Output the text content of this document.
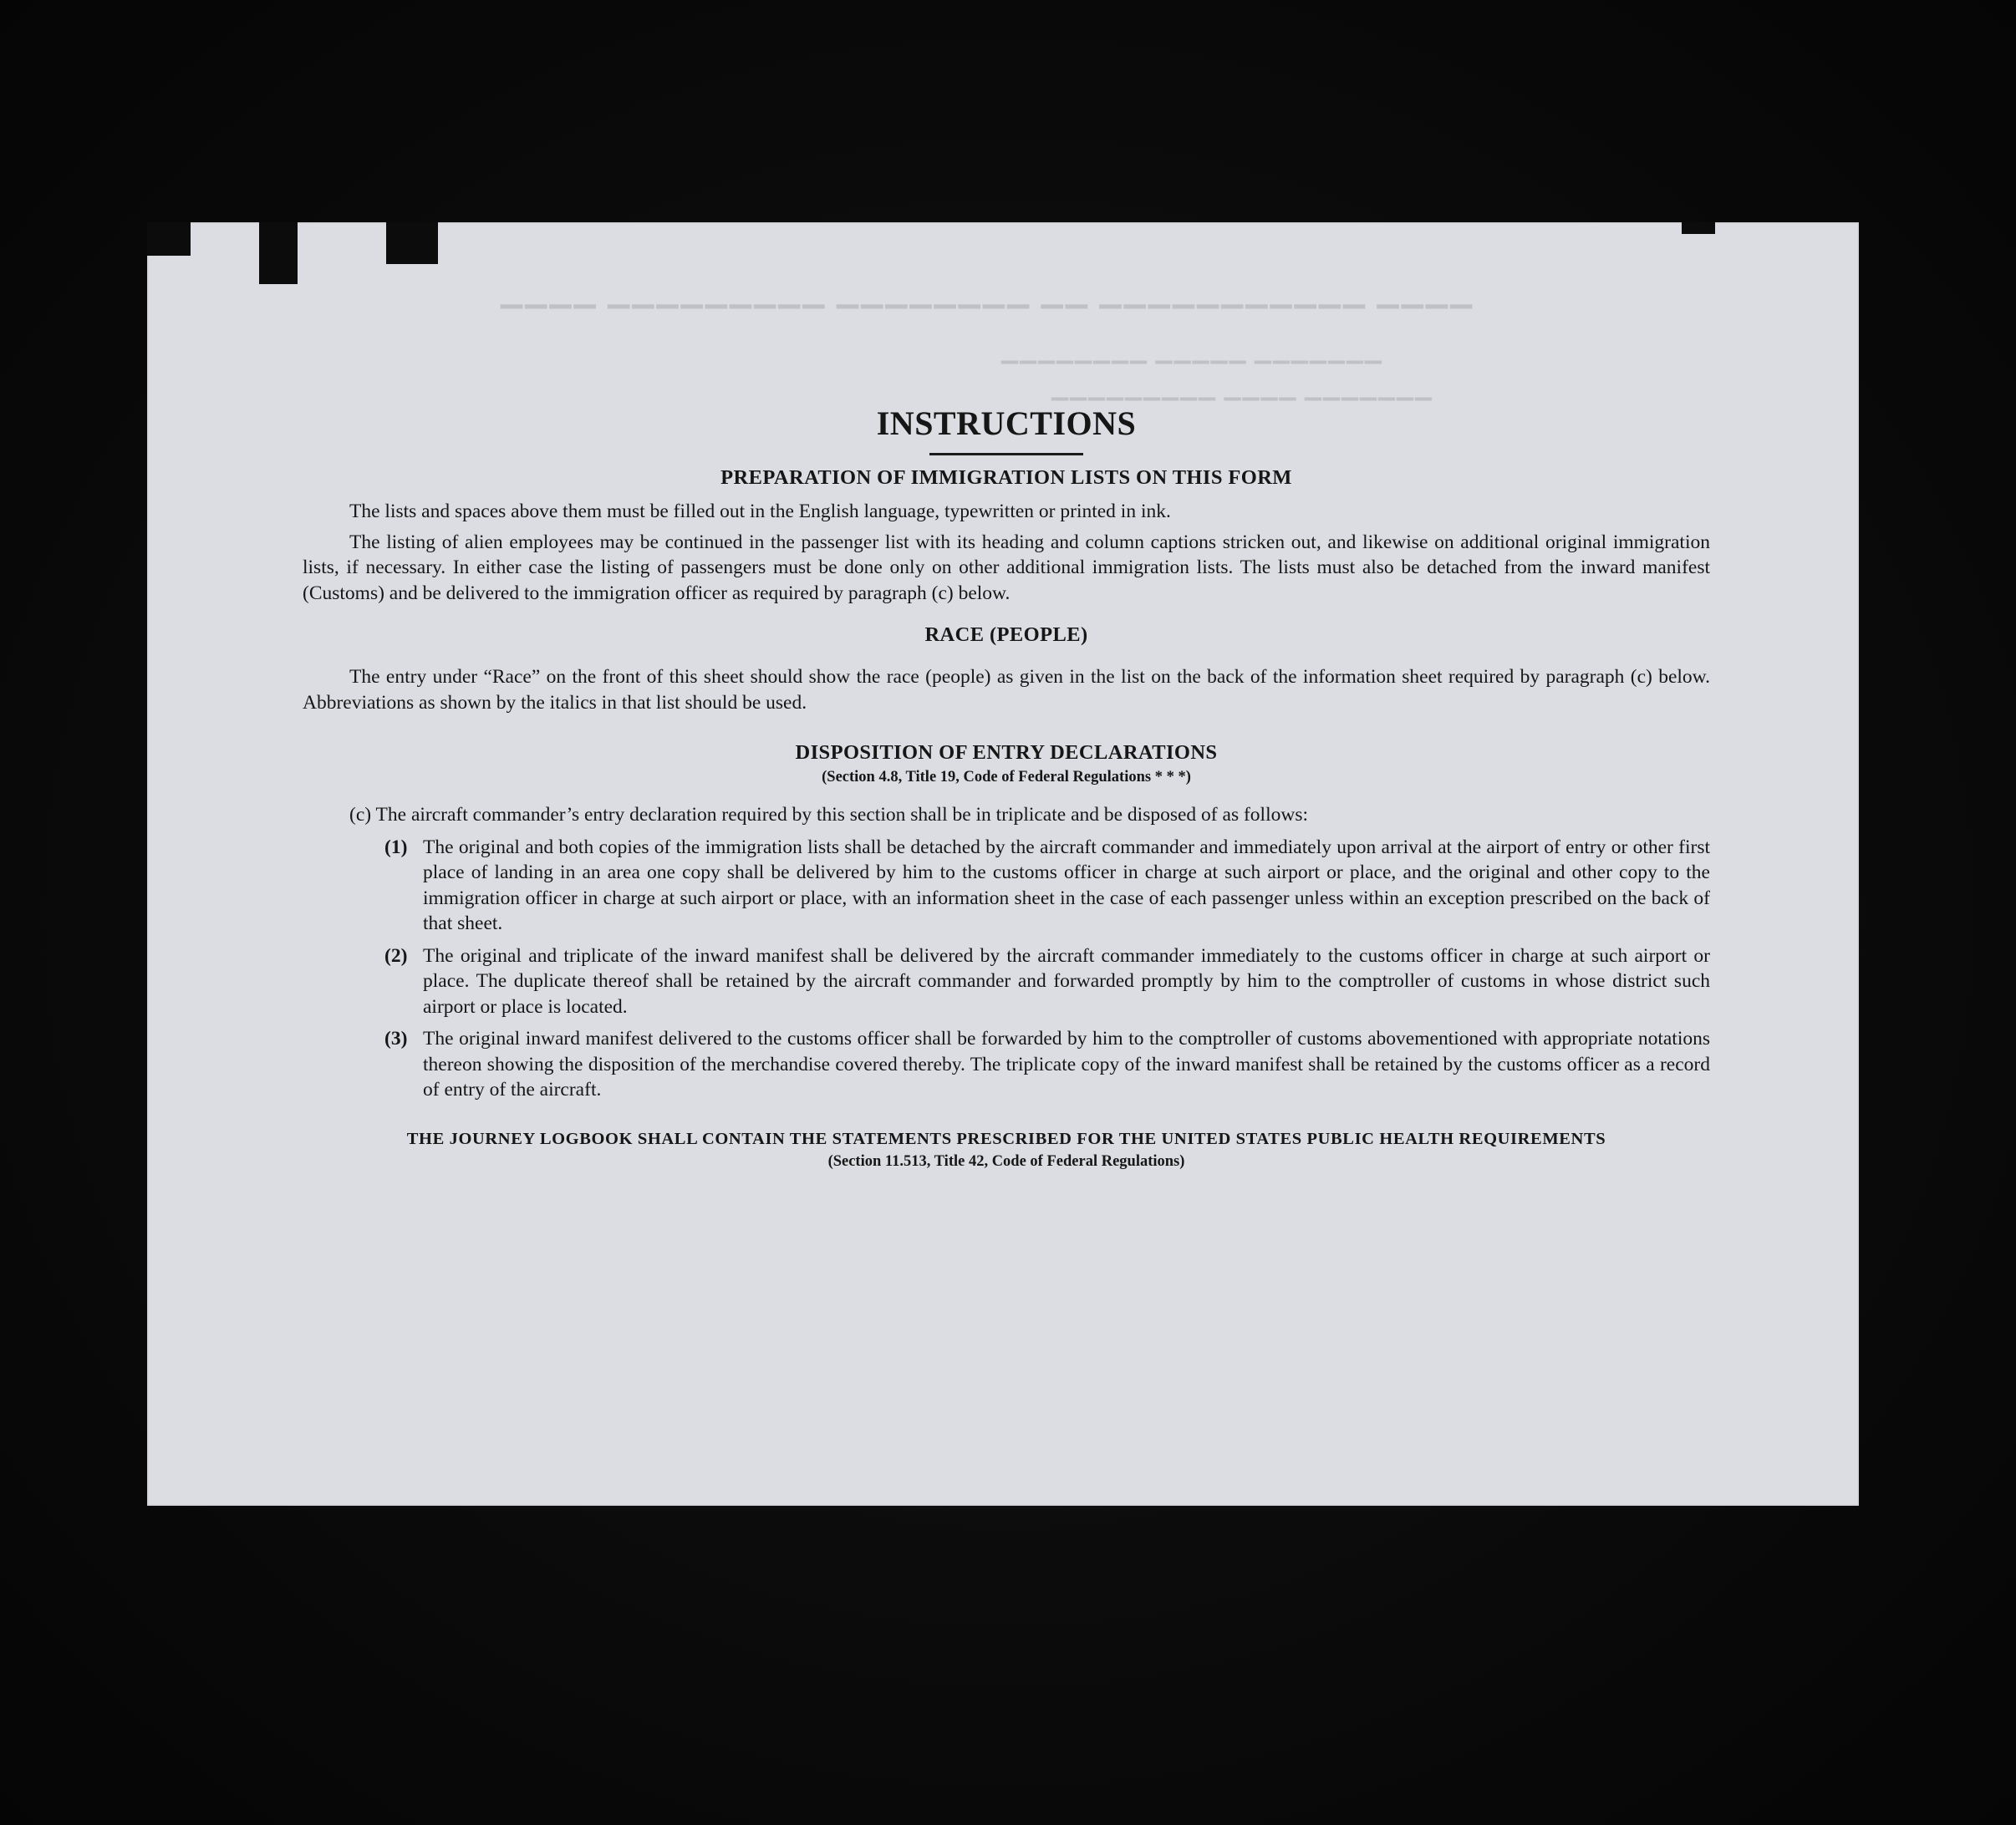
▁▁▁▁ ▁▁▁▁▁▁▁▁▁▁▁ ▁▁ ▁▁▁▁▁▁▁▁ ▁▁▁▁▁▁▁▁▁ ▁▁▁▁
▁▁▁▁▁▁▁ ▁▁▁▁▁ ▁▁▁▁▁▁▁▁
▁▁▁▁▁▁▁ ▁▁▁▁ ▁▁▁▁▁▁▁▁▁
INSTRUCTIONS
PREPARATION OF IMMIGRATION LISTS ON THIS FORM

The lists and spaces above them must be filled out in the English language, typewritten or printed in ink.

The listing of alien employees may be continued in the passenger list with its heading and column captions stricken out, and likewise on additional original immigration lists, if necessary. In either case the listing of passengers must be done only on other additional immigration lists. The lists must also be detached from the inward manifest (Customs) and be delivered to the immigration officer as required by paragraph (c) below.

RACE (PEOPLE)

The entry under “Race” on the front of this sheet should show the race (people) as given in the list on the back of the information sheet required by paragraph (c) below. Abbreviations as shown by the italics in that list should be used.

DISPOSITION OF ENTRY DECLARATIONS
(Section 4.8, Title 19, Code of Federal Regulations * * *)

(c) The aircraft commander’s entry declaration required by this section shall be in triplicate and be disposed of as follows:

(1) The original and both copies of the immigration lists shall be detached by the aircraft commander and immediately upon arrival at the airport of entry or other first place of landing in an area one copy shall be delivered by him to the customs officer in charge at such airport or place, and the original and other copy to the immigration officer in charge at such airport or place, with an information sheet in the case of each passenger unless within an exception prescribed on the back of that sheet.
(2) The original and triplicate of the inward manifest shall be delivered by the aircraft commander immediately to the customs officer in charge at such airport or place. The duplicate thereof shall be retained by the aircraft commander and forwarded promptly by him to the comptroller of customs in whose district such airport or place is located.
(3) The original inward manifest delivered to the customs officer shall be forwarded by him to the comptroller of customs abovementioned with appropriate notations thereon showing the disposition of the merchandise covered thereby. The triplicate copy of the inward manifest shall be retained by the customs officer as a record of entry of the aircraft.

THE JOURNEY LOGBOOK SHALL CONTAIN THE STATEMENTS PRESCRIBED FOR THE UNITED STATES PUBLIC HEALTH REQUIREMENTS

(Section 11.513, Title 42, Code of Federal Regulations)
